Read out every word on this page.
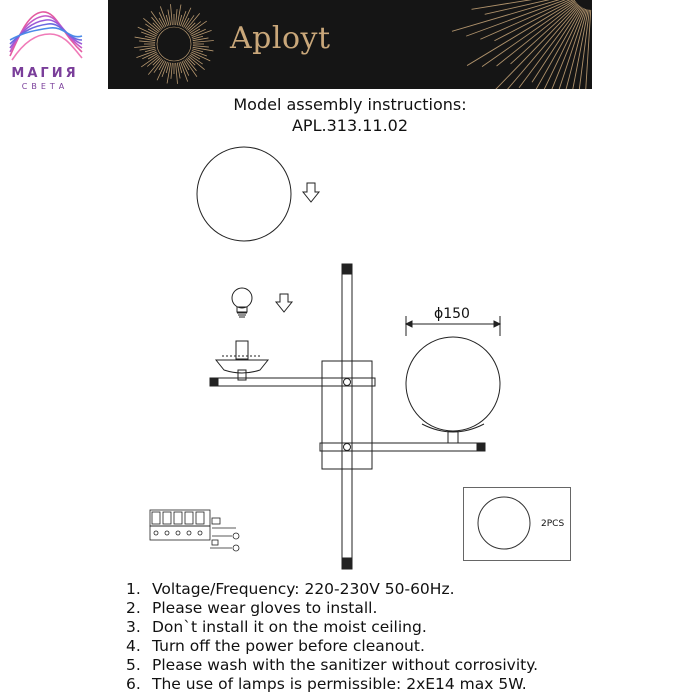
МАГИЯ
СВЕТА
Aployt
Model assembly instructions:
APL.313.11.02
ϕ150
2PCS
1. Voltage/Frequency: 220-230V 50-60Hz.
2. Please wear gloves to install.
3. Don`t install it on the moist ceiling.
4. Turn off the power before cleanout.
5. Please wash with the sanitizer without corrosivity.
6. The use of lamps is permissible: 2xE14 max 5W.
